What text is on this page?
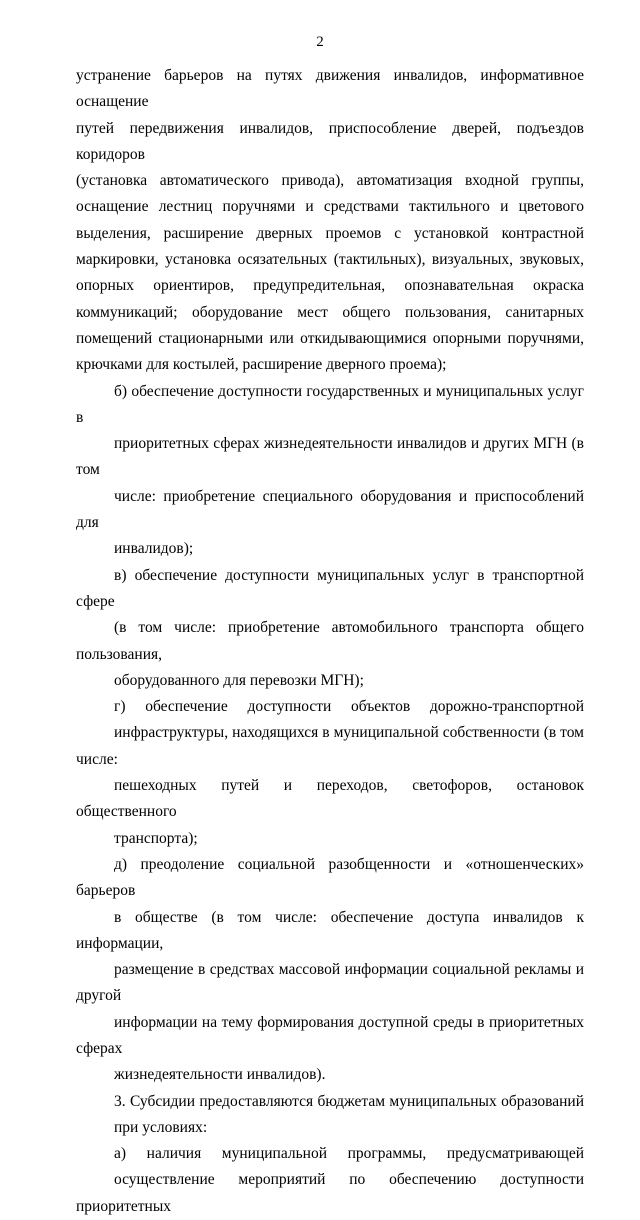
2

устранение барьеров на путях движения инвалидов, информативное оснащение
путей передвижения инвалидов, приспособление дверей, подъездов коридоров
(установка автоматического привода), автоматизация входной группы,
оснащение лестниц поручнями и средствами тактильного и цветового
выделения, расширение дверных проемов с установкой контрастной
маркировки, установка осязательных (тактильных), визуальных, звуковых,
опорных ориентиров, предупредительная, опознавательная окраска
коммуникаций; оборудование мест общего пользования, санитарных
помещений стационарными или откидывающимися опорными поручнями,
крючками для костылей, расширение дверного проема);

б) обеспечение доступности государственных и муниципальных услуг в
приоритетных сферах жизнедеятельности инвалидов и других МГН (в том
числе: приобретение специального оборудования и приспособлений для
инвалидов);

в) обеспечение доступности муниципальных услуг в транспортной сфере
(в том числе: приобретение автомобильного транспорта общего пользования,
оборудованного для перевозки МГН);

г) обеспечение доступности объектов дорожно-транспортной
инфраструктуры, находящихся в муниципальной собственности (в том числе:
пешеходных путей и переходов, светофоров, остановок общественного
транспорта);

д) преодоление социальной разобщенности и «отношенческих» барьеров
в обществе (в том числе: обеспечение доступа инвалидов к информации,
размещение в средствах массовой информации социальной рекламы и другой
информации на тему формирования доступной среды в приоритетных сферах
жизнедеятельности инвалидов).

3. Субсидии предоставляются бюджетам муниципальных образований
при условиях:

а) наличия муниципальной программы, предусматривающей
осуществление мероприятий по обеспечению доступности приоритетных
